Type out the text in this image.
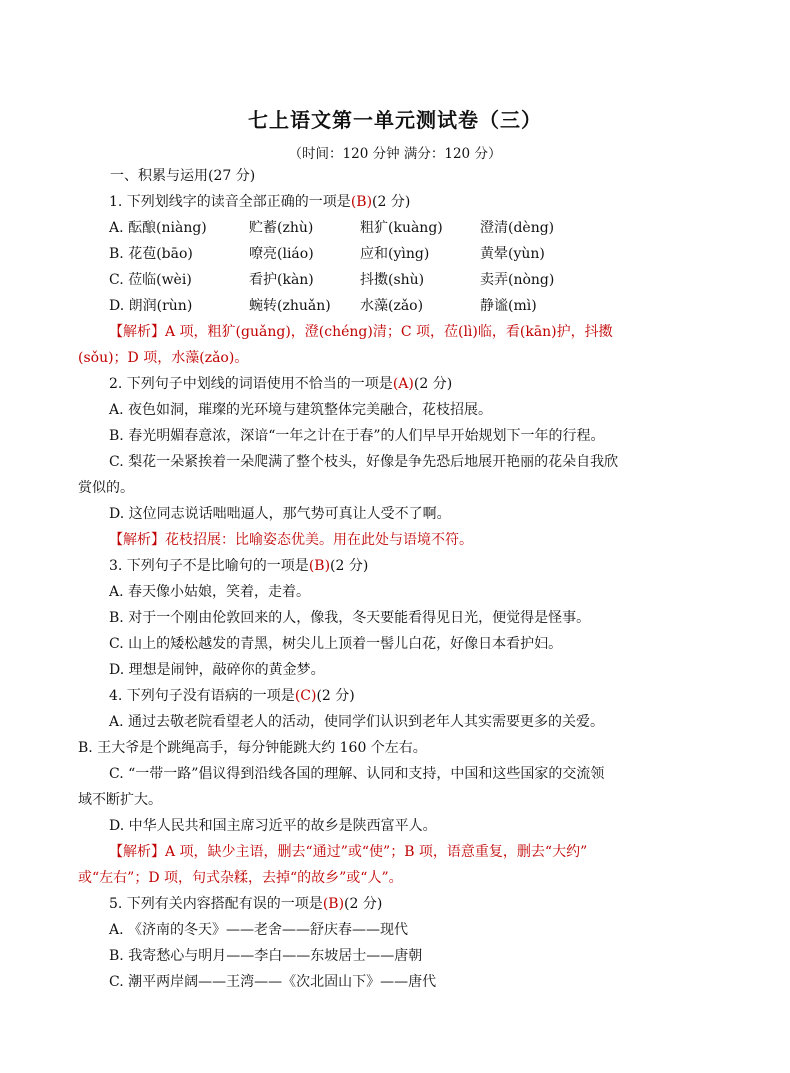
七上语文第一单元测试卷（三）
（时间：120 分钟 满分：120 分）
一、积累与运用(27 分)
1. 下列划线字的读音全部正确的一项是(B)(2 分)
A. 酝酿(niàng)	贮蓄(zhù)	粗犷(kuàng)	澄清(dèng)
B. 花苞(bāo)	嘹亮(liáo)	应和(yìng)	黄晕(yùn)
C. 莅临(wèi)	看护(kàn)	抖擞(shù)	卖弄(nòng)
D. 朗润(rùn)	蜿转(zhuǎn) 水藻(zǎo)	静谧(mì)
【解析】A 项，粗犷(guǎng)，澄(chéng)清；C 项，莅(lì)临，看(kān)护，抖擞
(sǒu)；D 项，水藻(zǎo)。
2. 下列句子中划线的词语使用不恰当的一项是(A)(2 分)
A. 夜色如洞，璀璨的光环境与建筑整体完美融合，花枝招展。
B. 春光明媚春意浓，深谙“一年之计在于春”的人们早早开始规划下一年的行程。
C. 梨花一朵紧挨着一朵爬满了整个枝头，好像是争先恐后地展开艳丽的花朵自我欣
赏似的。
D. 这位同志说话咄咄逼人，那气势可真让人受不了啊。
【解析】花枝招展：比喻姿态优美。用在此处与语境不符。
3. 下列句子不是比喻句的一项是(B)(2 分)
A. 春天像小姑娘，笑着，走着。
B. 对于一个刚由伦敦回来的人，像我，冬天要能看得见日光，便觉得是怪事。
C. 山上的矮松越发的青黑，树尖儿上顶着一髻儿白花，好像日本看护妇。
D. 理想是闹钟，敲碎你的黄金梦。
4. 下列句子没有语病的一项是(C)(2 分)
A. 通过去敬老院看望老人的活动，使同学们认识到老年人其实需要更多的关爱。
B. 王大爷是个跳绳高手，每分钟能跳大约 160 个左右。
C. “一带一路”倡议得到沿线各国的理解、认同和支持，中国和这些国家的交流领
域不断扩大。
D. 中华人民共和国主席习近平的故乡是陕西富平人。
【解析】A 项，缺少主语，删去“通过”或“使”；B 项，语意重复，删去“大约”
或“左右”；D 项，句式杂糅，去掉“的故乡”或“人”。
5. 下列有关内容搭配有误的一项是(B)(2 分)
A. 《济南的冬天》——老舍——舒庆春——现代
B. 我寄愁心与明月——李白——东坡居士——唐朝
C. 潮平两岸阔——王湾——《次北固山下》——唐代
